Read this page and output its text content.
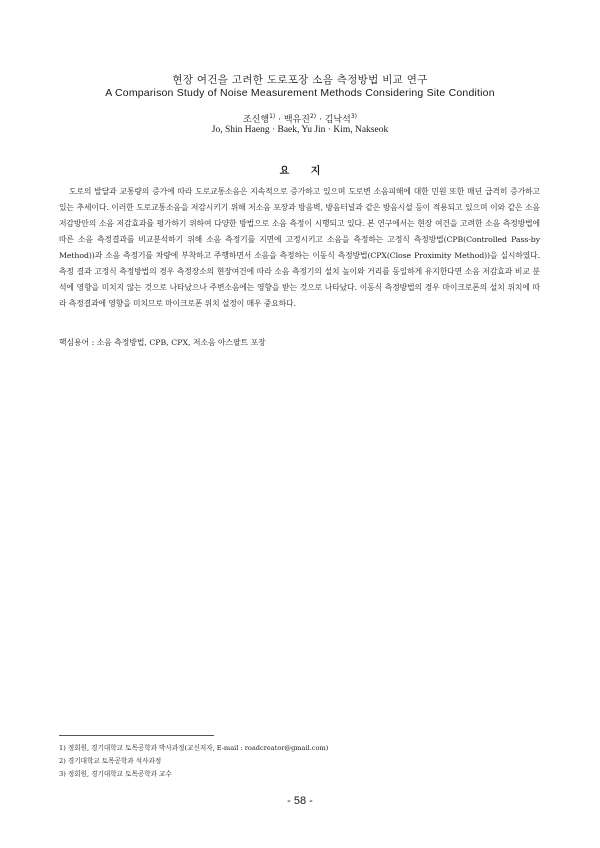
현장 여건을 고려한 도로포장 소음 측정방법 비교 연구
A Comparison Study of Noise Measurement Methods Considering Site Condition
조신행$^{1)}$ · 백유진$^{2)}$ · 김낙석$^{3)}$
Jo, Shin Haeng · Baek, Yu Jin · Kim, Nakseok
요 지
도로의 발달과 교통량의 증가에 따라 도로교통소음은 지속적으로 증가하고 있으며 도로변 소음피해에 대한 민원 또한 매년 급격히 증가하고 있는 추세이다. 이러한 도로교통소음을 저감시키기 위해 저소음 포장과 방음벽, 방음터널과 같은 방음시설 등이 적용되고 있으며 이와 같은 소음 저감방안의 소음 저감효과를 평가하기 위하여 다양한 방법으로 소음 측정이 시행되고 있다. 본 연구에서는 현장 여건을 고려한 소음 측정방법에 따른 소음 측정결과를 비교분석하기 위해 소음 측정기를 지면에 고정시키고 소음을 측정하는 고정식 측정방법(CPB(Controlled Pass-by Method))과 소음 측정기를 차량에 부착하고 주행하면서 소음을 측정하는 이동식 측정방법(CPX(Close Proximity Method))을 실시하였다. 측정 결과 고정식 측정방법의 경우 측정장소의 현장여건에 따라 소음 측정기의 설치 높이와 거리를 동일하게 유지한다면 소음 저감효과 비교 분석에 영향을 미치지 않는 것으로 나타났으나 주변소음에는 영향을 받는 것으로 나타났다. 이동식 측정방법의 경우 마이크로폰의 설치 위치에 따라 측정결과에 영향을 미치므로 마이크로폰 위치 설정이 매우 중요하다.
핵심용어 : 소음 측정방법, CPB, CPX, 저소음 아스팔트 포장
1) 정회원, 경기대학교 토목공학과 박사과정(교신저자, E-mail : roadcreator@gmail.com)
2) 경기대학교 토목공학과 석사과정
3) 정회원, 경기대학교 토목공학과 교수
- 58 -
